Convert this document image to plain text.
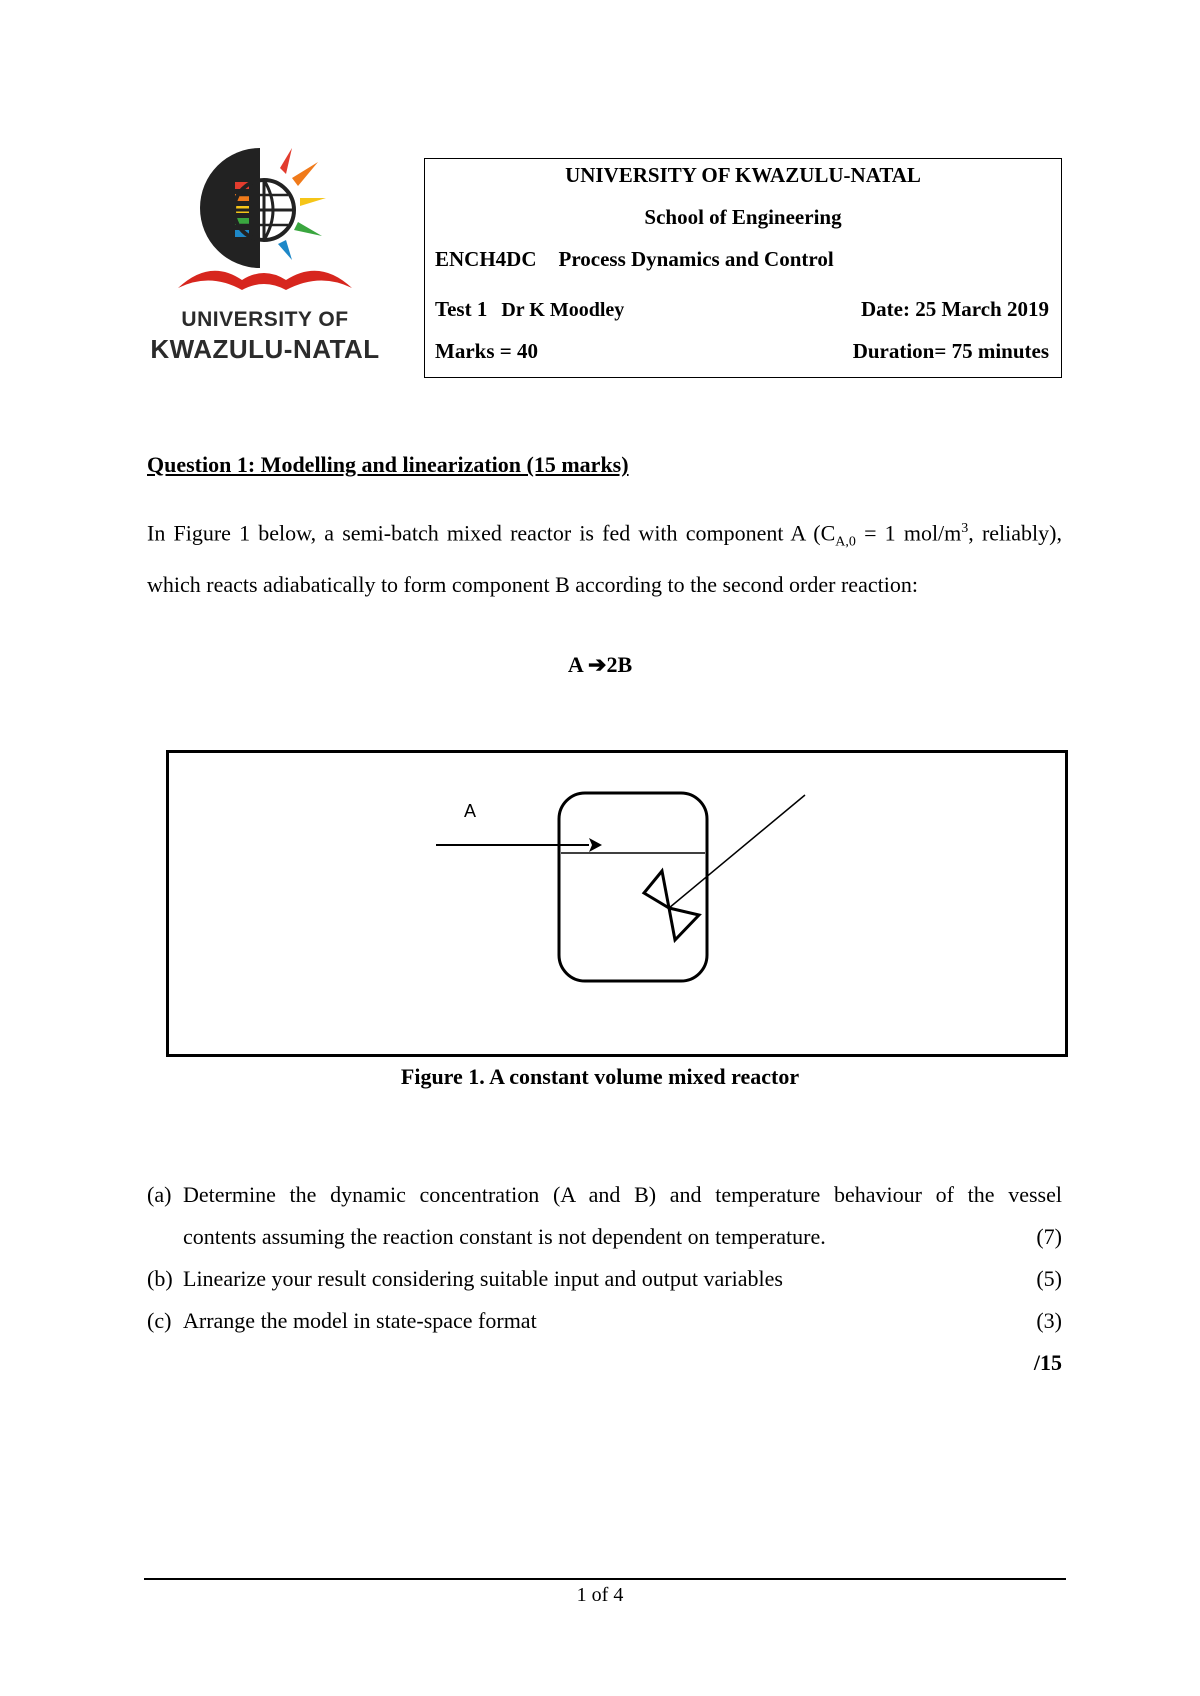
UNIVERSITY OF
KWAZULU-NATAL
UNIVERSITY OF KWAZULU-NATAL
School of Engineering
ENCH4DC Process Dynamics and Control
Test 1 Dr K Moodley	Date: 25 March 2019
Marks = 40	Duration= 75 minutes
Question 1: Modelling and linearization (15 marks)
In Figure 1 below, a semi-batch mixed reactor is fed with component A ($C_{A,0} = 1$ mol/$m^3$, reliably), which reacts adiabatically to form component B according to the second order reaction:
A ➔2B
A
Figure 1. A constant volume mixed reactor
(a) Determine the dynamic concentration (A and B) and temperature behaviour of the vessel
contents assuming the reaction constant is not dependent on temperature.	(7)
(b) Linearize your result considering suitable input and output variables	(5)
(c) Arrange the model in state-space format	(3)
/15
1 of 4
